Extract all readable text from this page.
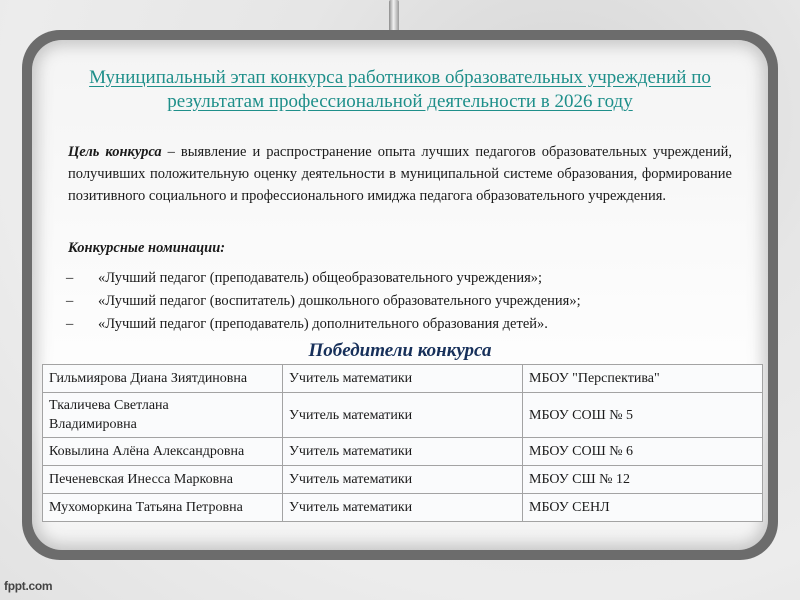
Муниципальный этап конкурса работников образовательных учреждений по результатам профессиональной деятельности в 2026 году
Цель конкурса – выявление и распространение опыта лучших педагогов образовательных учреждений, получивших положительную оценку деятельности в муниципальной системе образования, формирование позитивного социального и профессионального имиджа педагога образовательного учреждения.
Конкурсные номинации:
–	«Лучший педагог (преподаватель) общеобразовательного учреждения»;
–	«Лучший педагог (воспитатель) дошкольного образовательного учреждения»;
–	«Лучший педагог (преподаватель) дополнительного образования детей».
Победители конкурса
Гильмиярова Диана Зиятдиновна	Учитель математики	МБОУ "Перспектива"
Ткаличева Светлана Владимировна	Учитель математики	МБОУ СОШ № 5
Ковылина Алёна Александровна	Учитель математики	МБОУ СОШ № 6
Печеневская Инесса Марковна	Учитель математики	МБОУ СШ № 12
Мухоморкина Татьяна Петровна	Учитель математики	МБОУ СЕНЛ
fppt.com
